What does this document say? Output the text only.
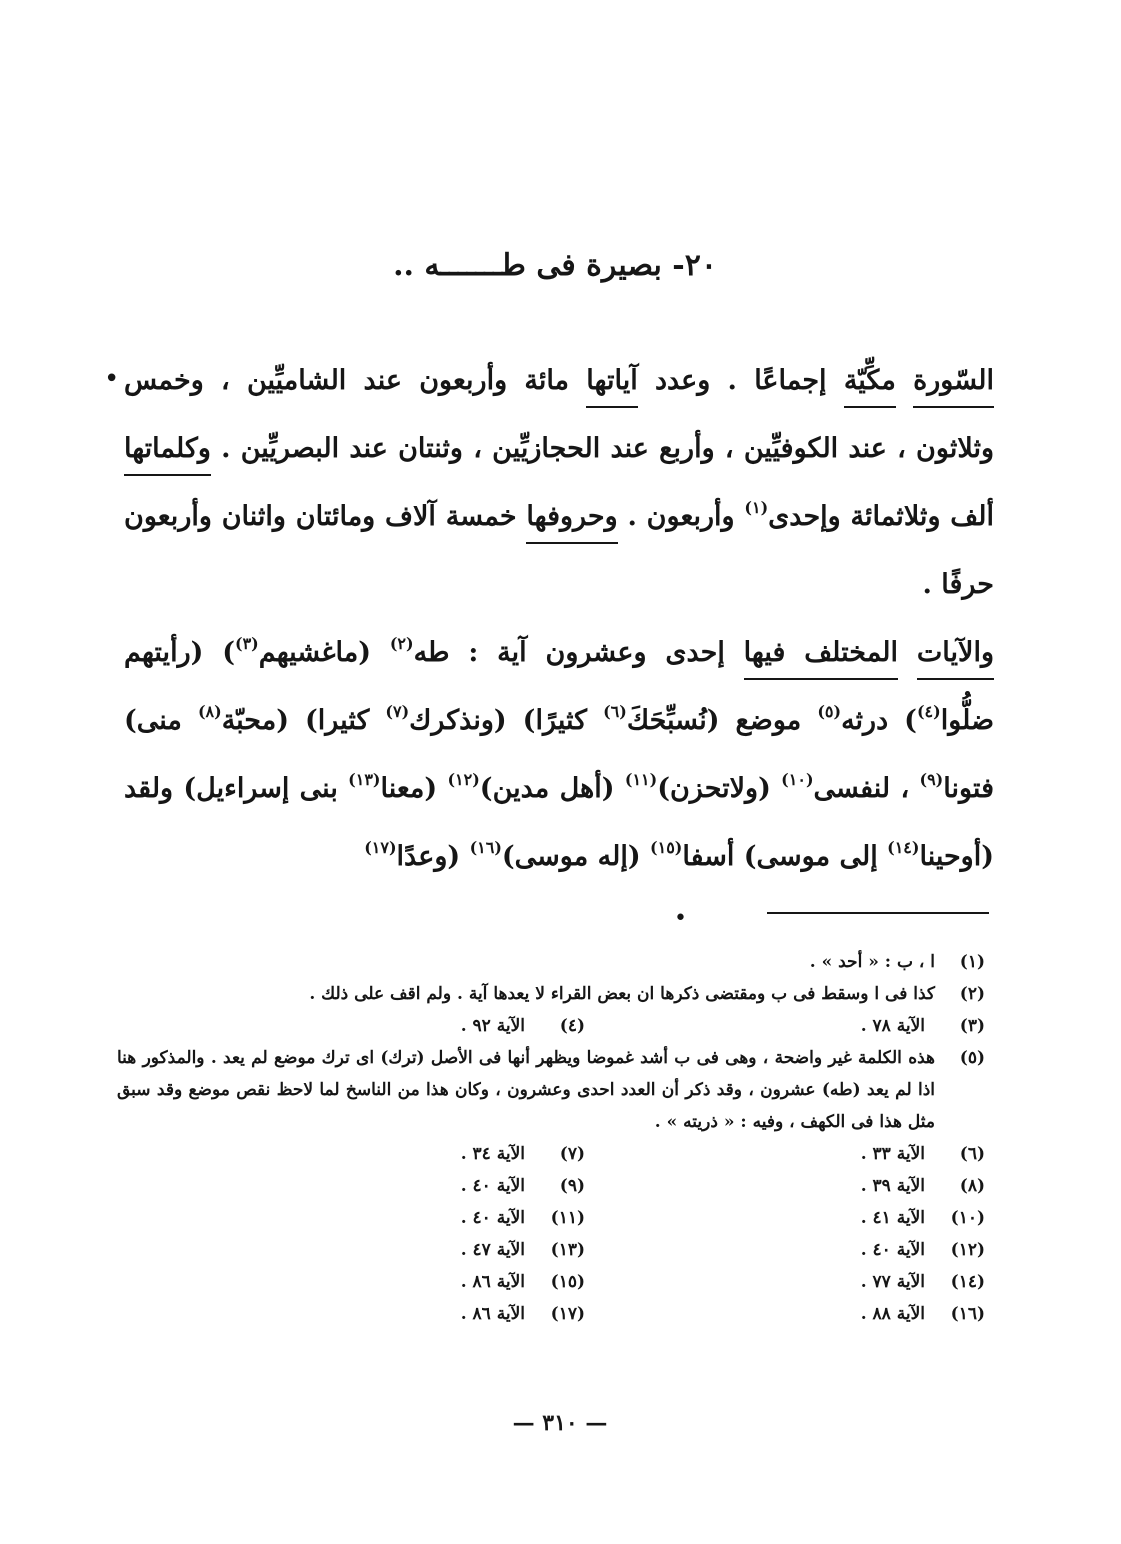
٢٠- بصيرة فى طـــــــه ..
•	السّورة مكِّيّة إجماعًا . وعدد آياتها مائة وأربعون عند الشاميِّين ، وخمس وثلاثون ، عند الكوفيِّين ، وأربع عند الحجازيِّين ، وثنتان عند البصريِّين . وكلماتها ألف وثلاثمائة وإحدى$^{(١)}$ وأربعون . وحروفها خمسة آلاف ومائتان واثنان وأربعون حرفًا .

والآيات المختلف فيها إحدى وعشرون آية : طه$^{(٢)}$ (ماغشيهم$^{(٣)}$) (رأيتهم ضلُّوا$^{(٤)}$) درثه$^{(٥)}$ موضع (نُسبِّحَكَ$^{(٦)}$ كثيرًا) (ونذكرك$^{(٧)}$ كثيرا) (محبّة$^{(٨)}$ منى) فتونا$^{(٩)}$ ، لنفسى$^{(١٠)}$ (ولاتحزن)$^{(١١)}$ (أهل مدين)$^{(١٢)}$ (معنا$^{(١٣)}$ بنى إسراءيل) ولقد (أوحينا$^{(١٤)}$ إلى موسى) أسفا$^{(١٥)}$ (إله موسى)$^{(١٦)}$ (وعدًا$^{(١٧)}$

•
(١)
ا ، ب : « أحد » .
(٢)
كذا فى ا وسقط فى ب ومقتضى ذكرها ان بعض القراء لا يعدها آية . ولم اقف على ذلك .
(٣)
الآية ٧٨ .
(٤)
الآية ٩٢ .
(٥)
هذه الكلمة غير واضحة ، وهى فى ب أشد غموضا ويظهر أنها فى الأصل (ترك) اى ترك موضع لم يعد . والمذكور هنا اذا لم يعد (طه) عشرون ، وقد ذكر أن العدد احدى وعشرون ، وكان هذا من الناسخ لما لاحظ نقص موضع وقد سبق مثل هذا فى الكهف ، وفيه : « ذريته » .
(٦)
الآية ٣٣ .
(٧)
الآية ٣٤ .
(٨)
الآية ٣٩ .
(٩)
الآية ٤٠ .
(١٠)
الآية ٤١ .
(١١)
الآية ٤٠ .
(١٢)
الآية ٤٠ .
(١٣)
الآية ٤٧ .
(١٤)
الآية ٧٧ .
(١٥)
الآية ٨٦ .
(١٦)
الآية ٨٨ .
(١٧)
الآية ٨٦ .
— ٣١٠ —
